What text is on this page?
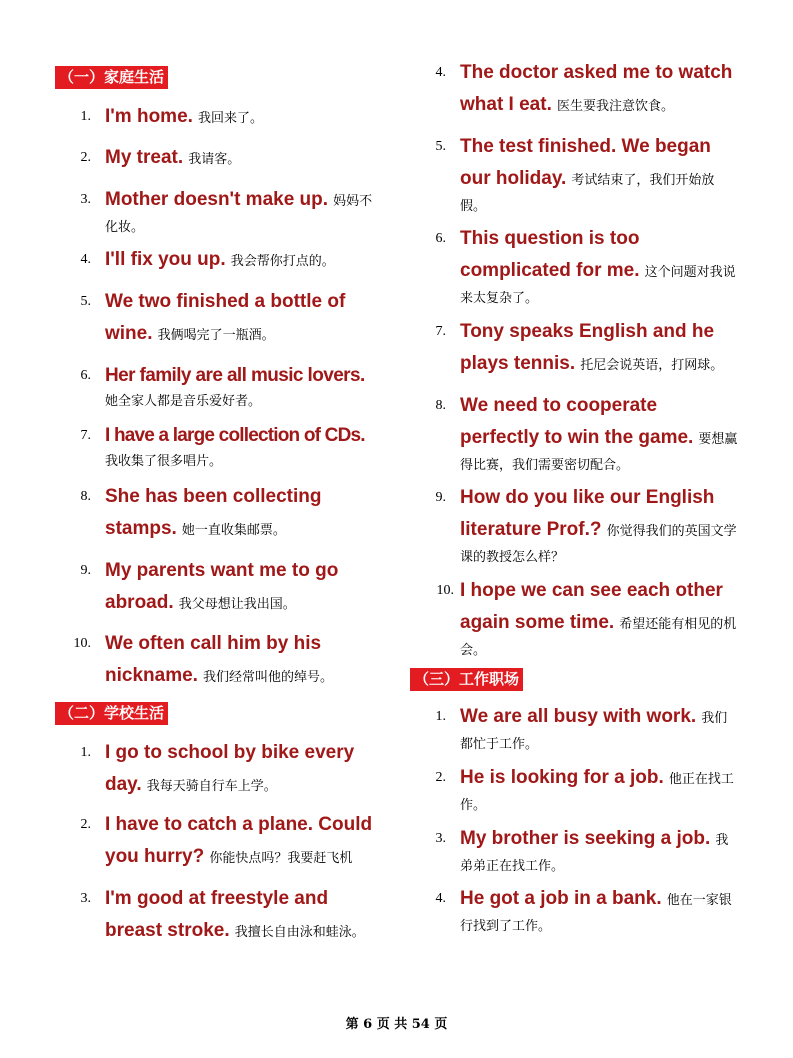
（一）家庭生活
1. I'm home. 我回来了。
2. My treat. 我请客。
3. Mother doesn't make up. 妈妈不化妆。
4. I'll fix you up. 我会帮你打点的。
5. We two finished a bottle of wine. 我俩喝完了一瓶酒。
6. Her family are all music lovers.
她全家人都是音乐爱好者。
7. I have a large collection of CDs.
我收集了很多唱片。
8. She has been collecting stamps. 她一直收集邮票。
9. My parents want me to go abroad. 我父母想让我出国。
10. We often call him by his nickname. 我们经常叫他的绰号。
（二）学校生活
1. I go to school by bike every day. 我每天骑自行车上学。
2. I have to catch a plane. Could you hurry? 你能快点吗？我要赶飞机
3. I'm good at freestyle and breast stroke. 我擅长自由泳和蛙泳。
4. The doctor asked me to watch what I eat. 医生要我注意饮食。
5. The test finished. We began our holiday. 考试结束了，我们开始放假。
6. This question is too complicated for me. 这个问题对我说来太复杂了。
7. Tony speaks English and he plays tennis. 托尼会说英语，打网球。
8. We need to cooperate perfectly to win the game. 要想赢得比赛，我们需要密切配合。
9. How do you like our English literature Prof.? 你觉得我们的英国文学课的教授怎么样？
10. I hope we can see each other again some time. 希望还能有相见的机会。
（三）工作职场
1. We are all busy with work. 我们都忙于工作。
2. He is looking for a job. 他正在找工作。
3. My brother is seeking a job. 我弟弟正在找工作。
4. He got a job in a bank. 他在一家银行找到了工作。
第 6 页 共 54 页
